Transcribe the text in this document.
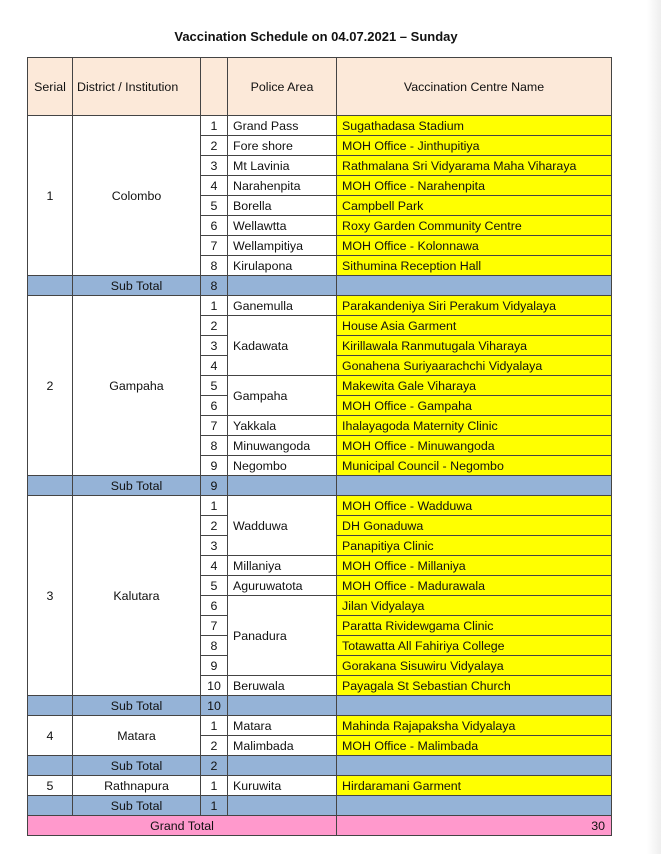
Vaccination Schedule on 04.07.2021 – Sunday
Serial	District / Institution		Police Area	Vaccination Centre Name
1	Colombo	1	Grand Pass	Sugathadasa Stadium
		2	Fore shore	MOH Office - Jinthupitiya
		3	Mt Lavinia	Rathmalana Sri Vidyarama Maha Viharaya
		4	Narahenpita	MOH Office - Narahenpita
		5	Borella	Campbell Park
		6	Wellawtta	Roxy Garden Community Centre
		7	Wellampitiya	MOH Office - Kolonnawa
		8	Kirulapona	Sithumina Reception Hall
	Sub Total	8		
2	Gampaha	1	Ganemulla	Parakandeniya Siri Perakum Vidyalaya
		2	Kadawata	House Asia Garment
		3		Kirillawala Ranmutugala Viharaya
		4		Gonahena Suriyaarachchi Vidyalaya
		5	Gampaha	Makewita Gale Viharaya
		6		MOH Office - Gampaha
		7	Yakkala	Ihalayagoda Maternity Clinic
		8	Minuwangoda	MOH Office - Minuwangoda
		9	Negombo	Municipal Council - Negombo
	Sub Total	9		
3	Kalutara	1	Wadduwa	MOH Office - Wadduwa
		2		DH Gonaduwa
		3		Panapitiya Clinic
		4	Millaniya	MOH Office - Millaniya
		5	Aguruwatota	MOH Office - Madurawala
		6	Panadura	Jilan Vidyalaya
		7		Paratta Rividewgama Clinic
		8		Totawatta All Fahiriya College
		9		Gorakana Sisuwiru Vidyalaya
		10	Beruwala	Payagala St Sebastian Church
	Sub Total	10		
4	Matara	1	Matara	Mahinda Rajapaksha Vidyalaya
		2	Malimbada	MOH Office - Malimbada
	Sub Total	2		
5	Rathnapura	1	Kuruwita	Hirdaramani Garment
	Sub Total	1		
Grand Total				30
